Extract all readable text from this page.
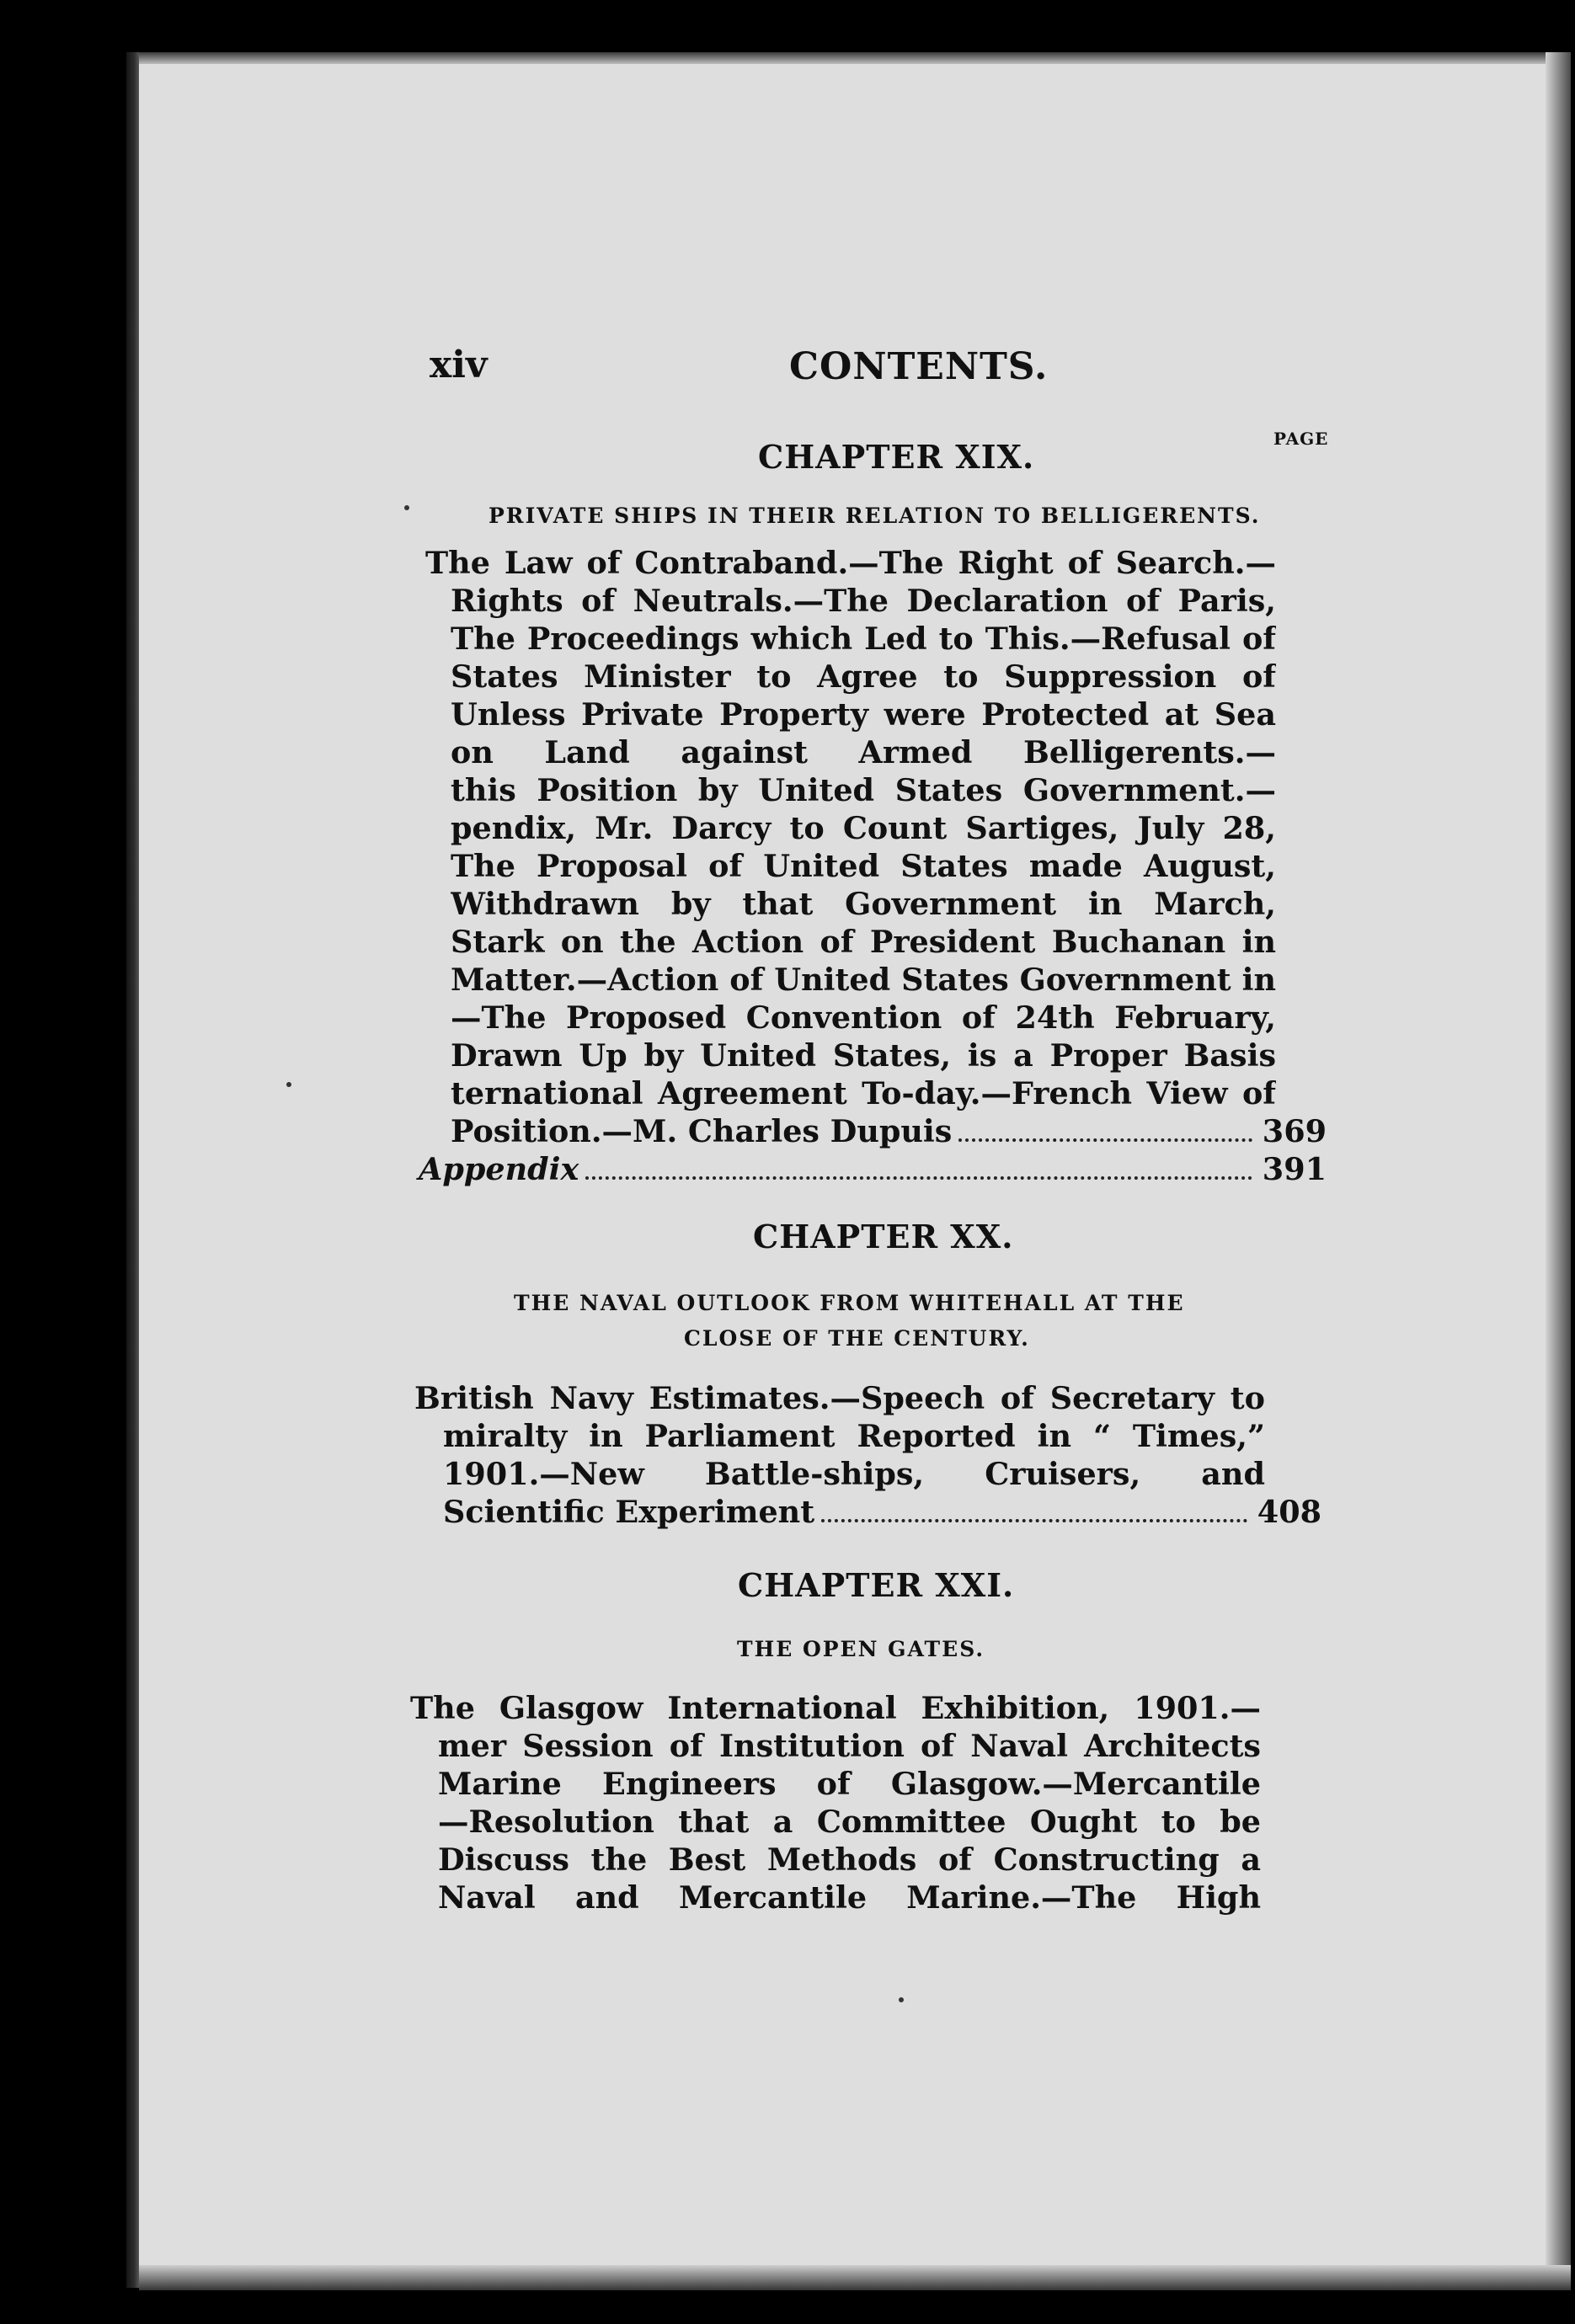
xiv	CONTENTS.
PAGE
CHAPTER XIX.
PRIVATE SHIPS IN THEIR RELATION TO BELLIGERENTS.
The Law of Contraband.—The Right of Search.—
Rights of Neutrals.—The Declaration of Paris,
The Proceedings which Led to This.—Refusal of
States Minister to Agree to Suppression of
Unless Private Property were Protected at Sea
on Land against Armed Belligerents.—
this Position by United States Government.—
pendix, Mr. Darcy to Count Sartiges, July 28,
The Proposal of United States made August,
Withdrawn by that Government in March,
Stark on the Action of President Buchanan in
Matter.—Action of United States Government in
—The Proposed Convention of 24th February,
Drawn Up by United States, is a Proper Basis
ternational Agreement To-day.—French View of
Position.—M. Charles Dupuis	369
Appendix	391
CHAPTER XX.
THE NAVAL OUTLOOK FROM WHITEHALL AT THE
CLOSE OF THE CENTURY.
British Navy Estimates.—Speech of Secretary to
miralty in Parliament Reported in “ Times,”
1901.—New Battle-ships, Cruisers, and
Scientific Experiment	408
CHAPTER XXI.
THE OPEN GATES.
The Glasgow International Exhibition, 1901.—
mer Session of Institution of Naval Architects
Marine Engineers of Glasgow.—Mercantile
—Resolution that a Committee Ought to be
Discuss the Best Methods of Constructing a
Naval and Mercantile Marine.—The High
